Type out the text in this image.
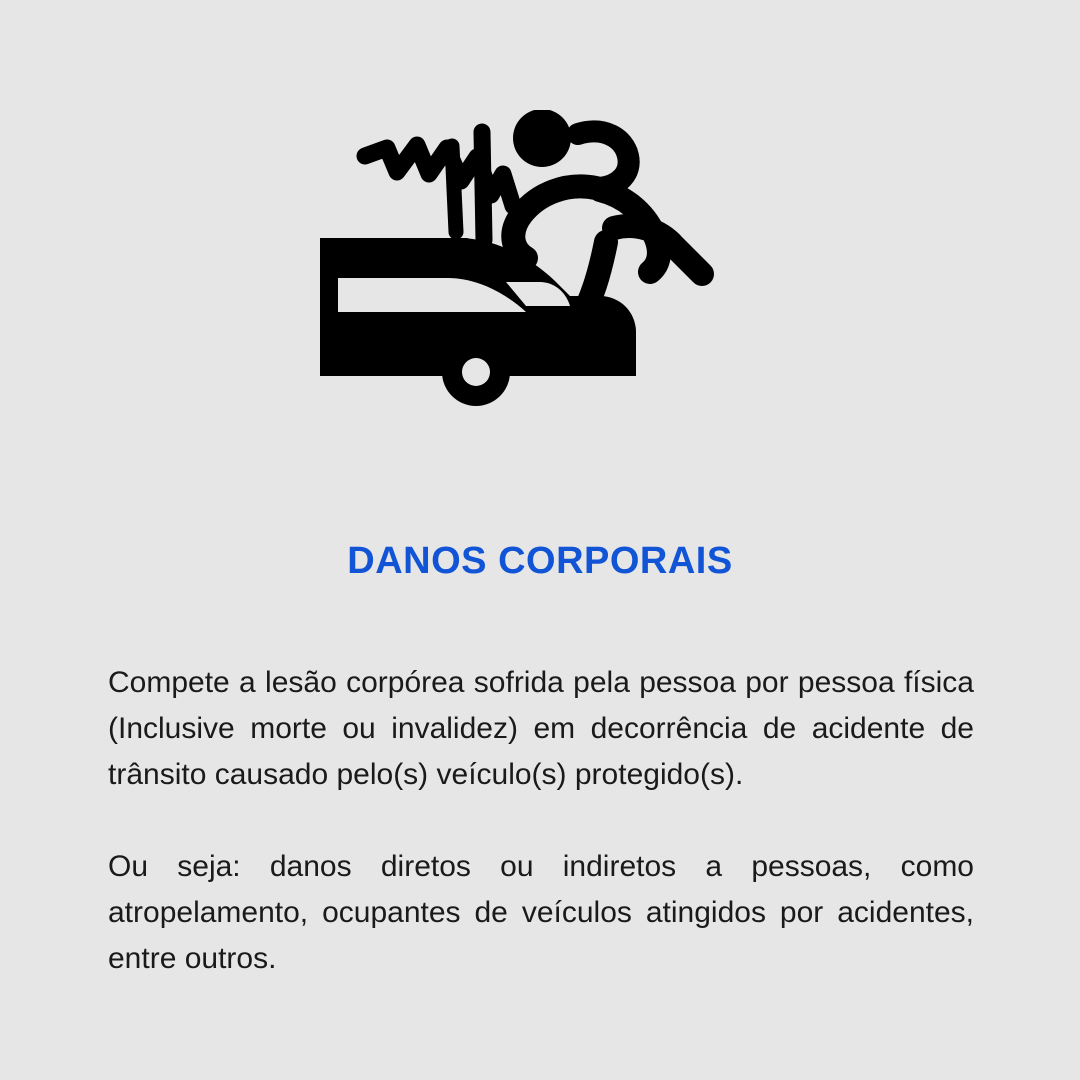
DANOS CORPORAIS

Compete a lesão corpórea sofrida pela pessoa por pessoa física (Inclusive morte ou invalidez) em decorrência de acidente de trânsito causado pelo(s) veículo(s) protegido(s).

Ou seja: danos diretos ou indiretos a pessoas, como atropelamento, ocupantes de veículos atingidos por acidentes, entre outros.
